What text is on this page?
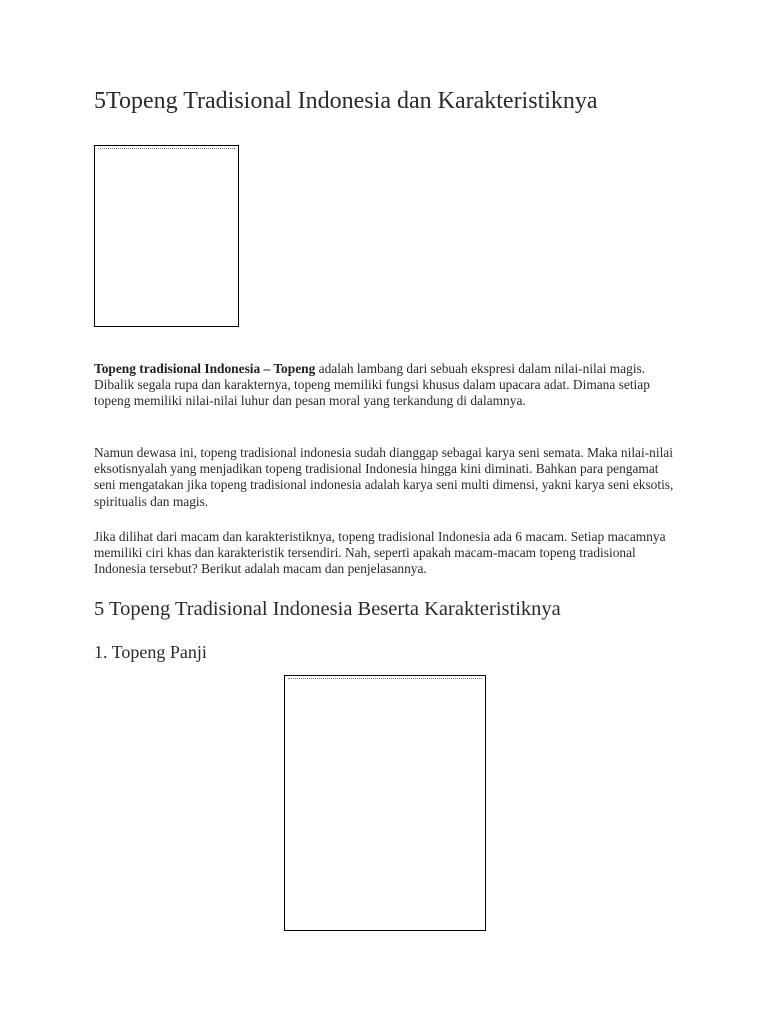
5Topeng Tradisional Indonesia dan Karakteristiknya

Topeng tradisional Indonesia – Topeng adalah lambang dari sebuah ekspresi dalam nilai-nilai magis. Dibalik segala rupa dan karakternya, topeng memiliki fungsi khusus dalam upacara adat. Dimana setiap topeng memiliki nilai-nilai luhur dan pesan moral yang terkandung di dalamnya.

Namun dewasa ini, topeng tradisional indonesia sudah dianggap sebagai karya seni semata. Maka nilai-nilai eksotisnyalah yang menjadikan topeng tradisional Indonesia hingga kini diminati. Bahkan para pengamat seni mengatakan jika topeng tradisional indonesia adalah karya seni multi dimensi, yakni karya seni eksotis, spiritualis dan magis.

Jika dilihat dari macam dan karakteristiknya, topeng tradisional Indonesia ada 6 macam. Setiap macamnya memiliki ciri khas dan karakteristik tersendiri. Nah, seperti apakah macam-macam topeng tradisional Indonesia tersebut? Berikut adalah macam dan penjelasannya.

5 Topeng Tradisional Indonesia Beserta Karakteristiknya
1. Topeng Panji
